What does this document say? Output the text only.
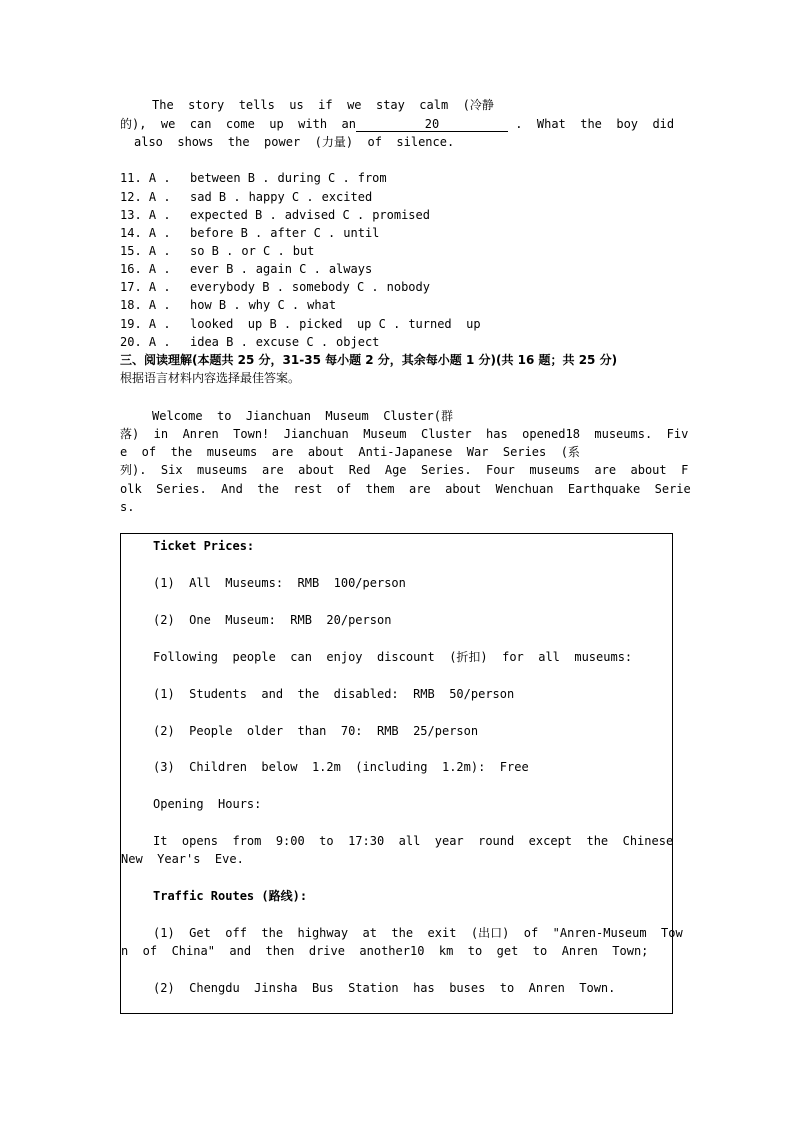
The  story  tells  us  if  we  stay  calm  (冷静
的),  we  can  come  up  with  an	20	.  What  the  boy  did
also  shows  the  power  (力量)  of  silence.
11. A . between B . during C . from
12. A . sad B . happy C . excited
13. A . expected B . advised C . promised
14. A . before B . after C . until
15. A . so B . or C . but
16. A . ever B . again C . always
17. A . everybody B . somebody C . nobody
18. A . how B . why C . what
19. A . looked  up B . picked  up C . turned  up
20. A . idea B . excuse C . object
三、阅读理解(本题共 25 分，31-35 每小题 2 分，其余每小题 1 分)(共 16 题；共 25 分)
根据语言材料内容选择最佳答案。
Welcome  to  Jianchuan  Museum  Cluster(群
落)  in  Anren  Town!  Jianchuan  Museum  Cluster  has  opened18  museums.  Fiv
e  of  the  museums  are  about  Anti-Japanese  War  Series  (系
列).  Six  museums  are  about  Red  Age  Series.  Four  museums  are  about  F
olk  Series.  And  the  rest  of  them  are  about  Wenchuan  Earthquake  Serie
s.
Ticket Prices:
(1)  All  Museums:  RMB  100/person
(2)  One  Museum:  RMB  20/person
Following  people  can  enjoy  discount  (折扣)  for  all  museums:
(1)  Students  and  the  disabled:  RMB  50/person
(2)  People  older  than  70:  RMB  25/person
(3)  Children  below  1.2m  (including  1.2m):  Free
Opening  Hours:
It  opens  from  9:00  to  17:30  all  year  round  except  the  Chinese
New  Year's  Eve.
Traffic Routes (路线):
(1)  Get  off  the  highway  at  the  exit  (出口)  of  "Anren-Museum  Tow
n  of  China"  and  then  drive  another10  km  to  get  to  Anren  Town;
(2)  Chengdu  Jinsha  Bus  Station  has  buses  to  Anren  Town.
